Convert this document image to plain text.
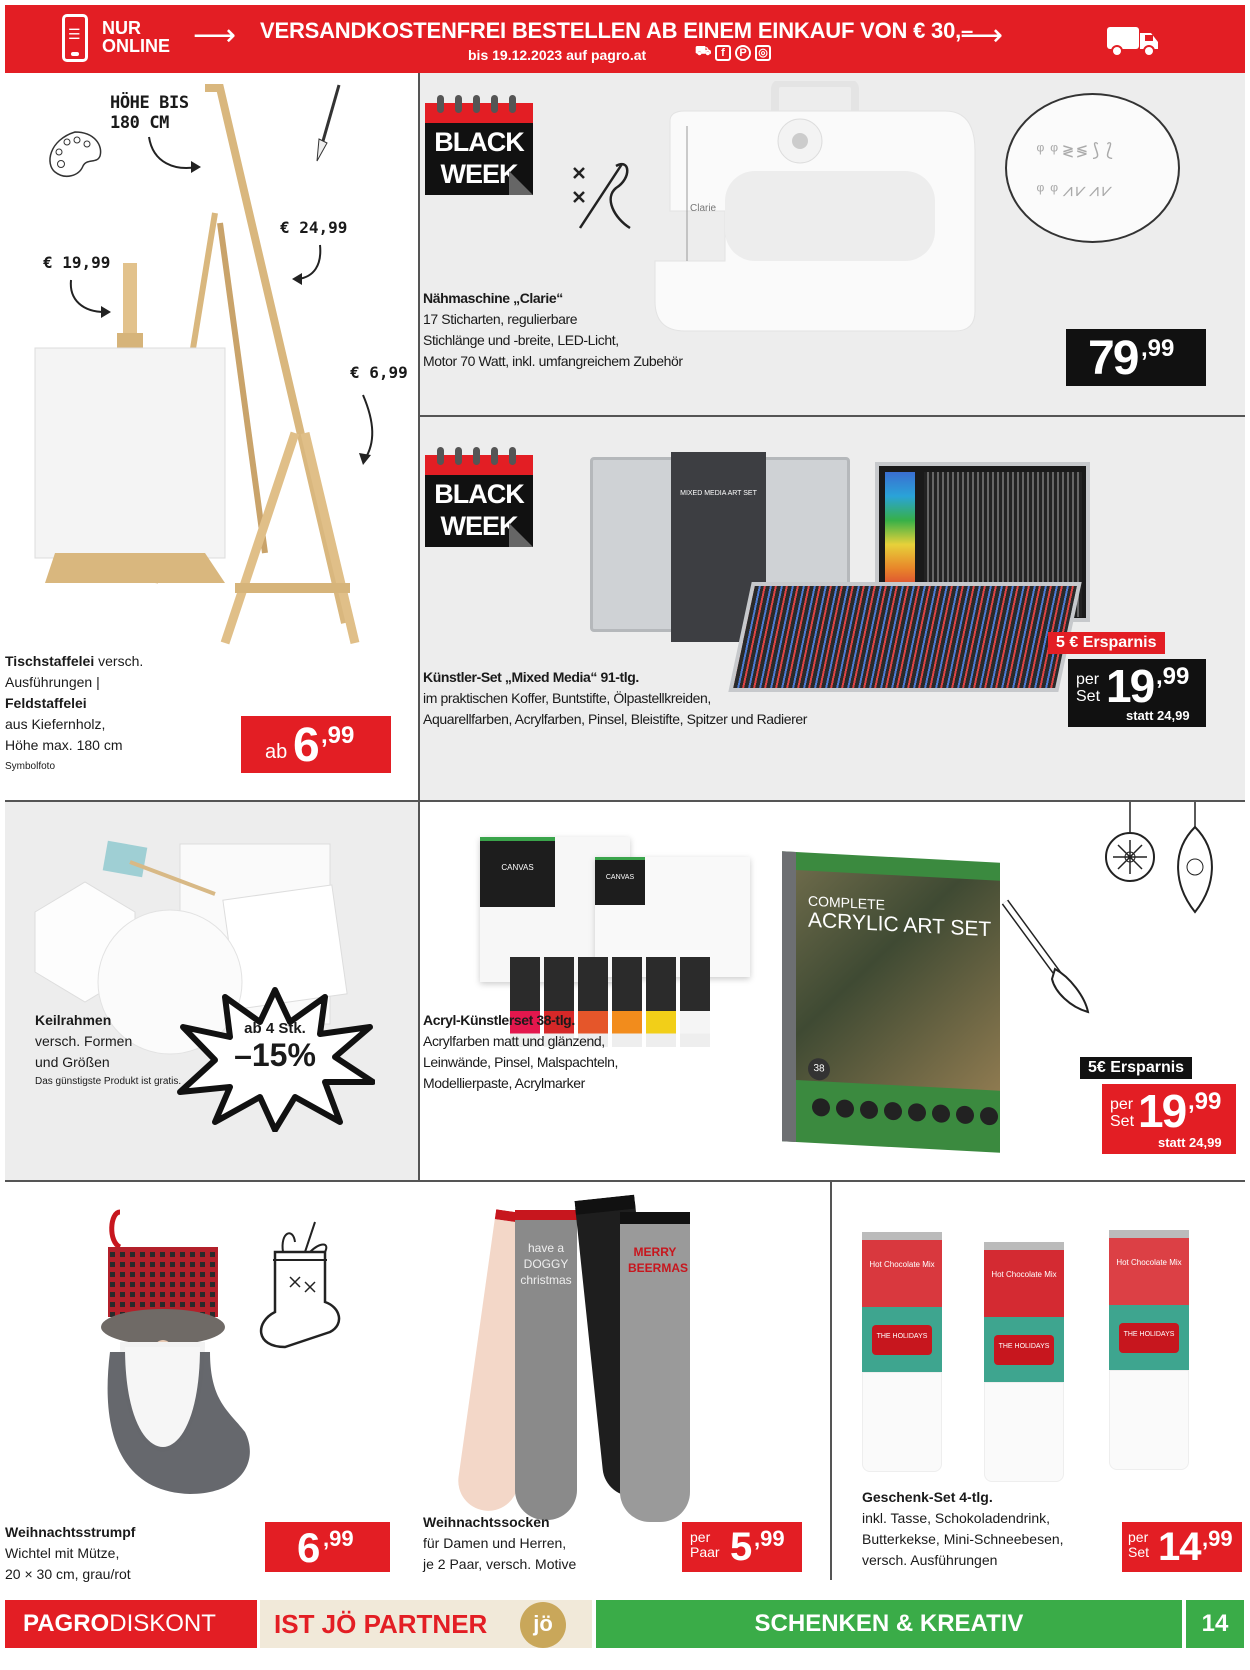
☰ NUR
ONLINE ⟶ VERSANDKOSTENFREI BESTELLEN AB EINEM EINKAUF VON € 30,–
bis 19.12.2023 auf pagro.at	⛟ f	P	◎	⟶
HÖHE BIS
180 CM
€ 19,99
€ 24,99
€ 6,99
Tischstaffelei versch.
Ausführungen |
Feldstaffelei
aus Kiefernholz,
Höhe max. 180 cm
Symbolfoto
ab 6 ,99
BLACK
WEEK
Clarie
ᵠᵠ≷≶⟆⟅
ᵠᵠ⩘⩗⩘⩗
Nähmaschine „Clarie“
17 Sticharten, regulierbare
Stichlänge und -breite, LED-Licht,
Motor 70 Watt, inkl. umfangreichem Zubehör	79 ,99
BLACK
WEEK
MIXED MEDIA ART SET
Künstler-Set „Mixed Media“ 91-tlg.
im praktischen Koffer, Buntstifte, Ölpastellkreiden,
Aquarellfarben, Acrylfarben, Pinsel, Bleistifte, Spitzer und Radierer
5 € Ersparnis
per
Set 19 ,99
statt 24,99
ab 4 Stk.
–15%
Keilrahmen
versch. Formen
und Größen
Das günstigste Produkt ist gratis.
CANVAS
CANVAS
COMPLETE
ACRYLIC ART SET
38
Acryl-Künstlerset 38-tlg.
Acrylfarben matt und glänzend,
Leinwände, Pinsel, Malspachteln,
Modellierpaste, Acrylmarker
5€ Ersparnis
per
Set 19 ,99
statt 24,99
Weihnachtsstrumpf
Wichtel mit Mütze,
20 × 30 cm, grau/rot
6 ,99
have a DOGGY christmas
MERRY BEERMAS
Weihnachtssocken
für Damen und Herren,
je 2 Paar, versch. Motive
per
Paar 5 ,99
Hot Chocolate Mix
THE HOLIDAYS
Hot Chocolate Mix
THE HOLIDAYS
Hot Chocolate Mix
THE HOLIDAYS
Geschenk-Set 4-tlg.
inkl. Tasse, Schokoladendrink,
Butterkekse, Mini-Schneebesen,
versch. Ausführungen
per
Set 14 ,99
PAGRODISKONT IST JÖ PARTNER	jö	SCHENKEN & KREATIV	14
